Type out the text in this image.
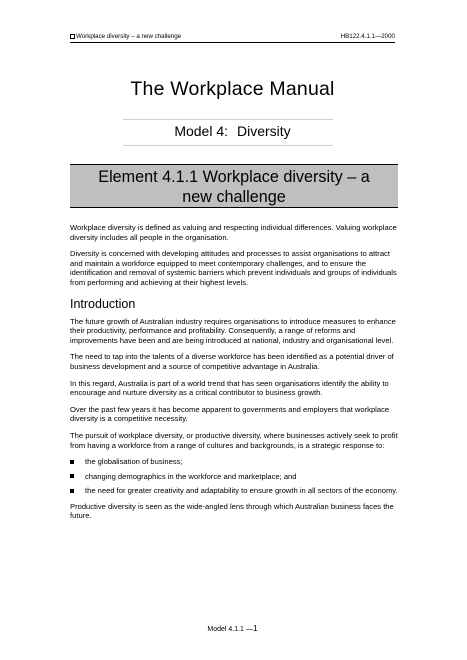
Workplace diversity – a new challenge	HB122.4.1.1—2000
The Workplace Manual
Model 4: Diversity
Element 4.1.1 Workplace diversity – a
new challenge

Workplace diversity is defined as valuing and respecting individual differences. Valuing workplace diversity includes all people in the organisation.

Diversity is concerned with developing attitudes and processes to assist organisations to attract and maintain a workforce equipped to meet contemporary challenges, and to ensure the identification and removal of systemic barriers which prevent individuals and groups of individuals from performing and achieving at their highest levels.

Introduction

The future growth of Australian industry requires organisations to introduce measures to enhance their productivity, performance and profitability. Consequently, a range of reforms and improvements have been and are being introduced at national, industry and organisational level.

The need to tap into the talents of a diverse workforce has been identified as a potential driver of business development and a source of competitive advantage in Australia.

In this regard, Australia is part of a world trend that has seen organisations identify the ability to encourage and nurture diversity as a critical contributor to business growth.

Over the past few years it has become apparent to governments and employers that workplace diversity is a competitive necessity.

The pursuit of workplace diversity, or productive diversity, where businesses actively seek to profit from having a workforce from a range of cultures and backgrounds, is a strategic response to:

the globalisation of business;
changing demographics in the workforce and marketplace; and
the need for greater creativity and adaptability to ensure growth in all sectors of the economy.

Productive diversity is seen as the wide-angled lens through which Australian business faces the future.

Model 4.1.1 —1
